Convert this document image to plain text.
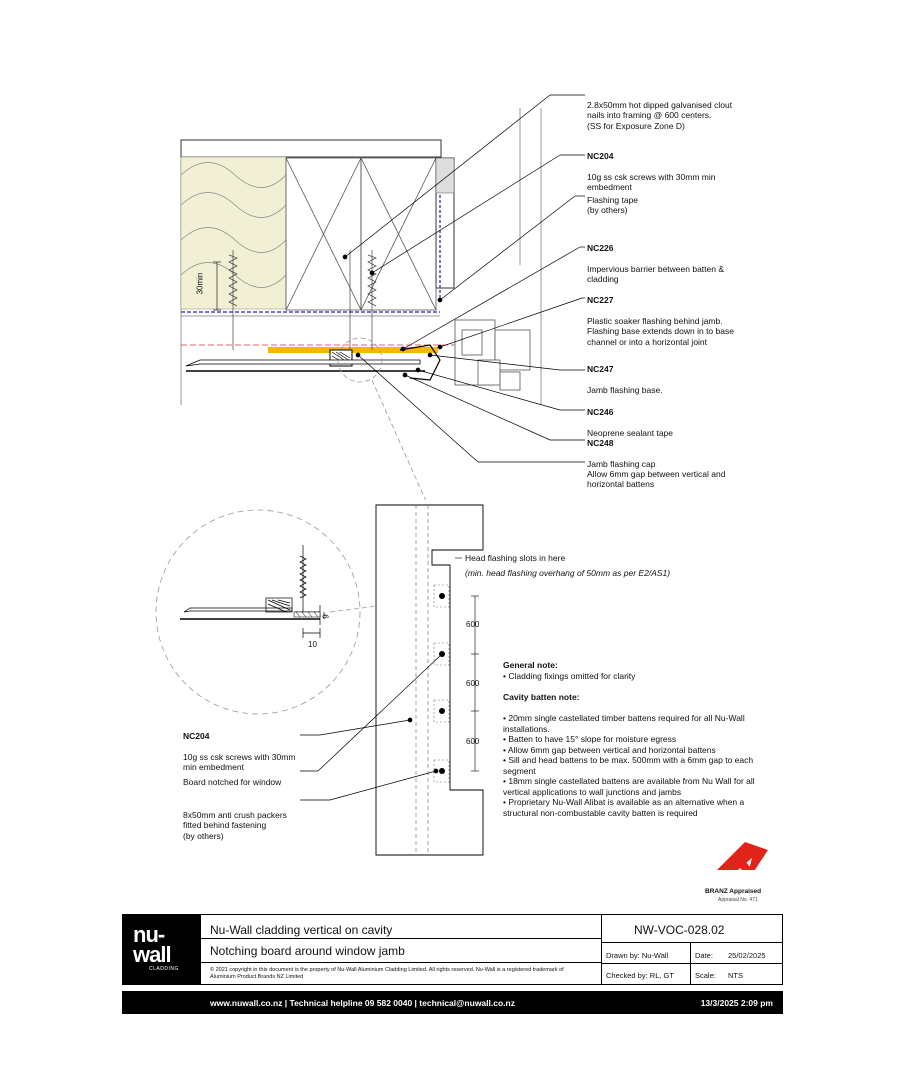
30min

2.8x50mm hot dipped galvanised clout
nails into framing @ 600 centers.
(SS for Exposure Zone D)

NC204

10g ss csk screws with 30mm min
embedment

Flashing tape
(by others)

NC226

Impervious barrier between batten &
cladding

NC227

Plastic soaker flashing behind jamb.
Flashing base extends down in to base
channel or into a horizontal joint

NC247

Jamb flashing base.

NC246

Neoprene sealant tape

NC248

Jamb flashing cap

Allow 6mm gap between vertical and
horizontal battens

9
10
600
600
600
Head flashing slots in here
(min. head flashing overhang of 50mm as per E2/AS1)

NC204

10g ss csk screws with 30mm
min embedment

Board notched for window

8x50mm anti crush packers
fitted behind fastening
(by others)

General note:
• Cladding fixings omitted for clarity
Cavity batten note:
• 20mm single castellated timber battens required for all Nu-Wall installations.
• Batten to have 15° slope for moisture egress
• Allow 6mm gap between vertical and horizontal battens
• Sill and head battens to be max. 500mm with a 6mm gap to each segment
• 18mm single castellated battens are available from Nu Wall for all vertical applications to wall junctions and jambs
• Proprietary Nu-Wall Alibat is available as an alternative when a structural non-combustable cavity batten is required
BRANZ Appraised
Appraisal No. 471
nu-
wall
CLADDING
Nu-Wall cladding vertical on cavity
Notching board around window jamb
© 2021 copyright in this document is the property of Nu-Wall Aluminium Cladding Limited. All rights reserved. Nu-Wall is a registered trademark of Aluminium Product Brands NZ Limited
NW-VOC-028.02
Drawn by: Nu-Wall	Date: 25/02/2025
Checked by: RL, GT	Scale: NTS
www.nuwall.co.nz | Technical helpline 09 582 0040 | technical@nuwall.co.nz	13/3/2025 2:09 pm
